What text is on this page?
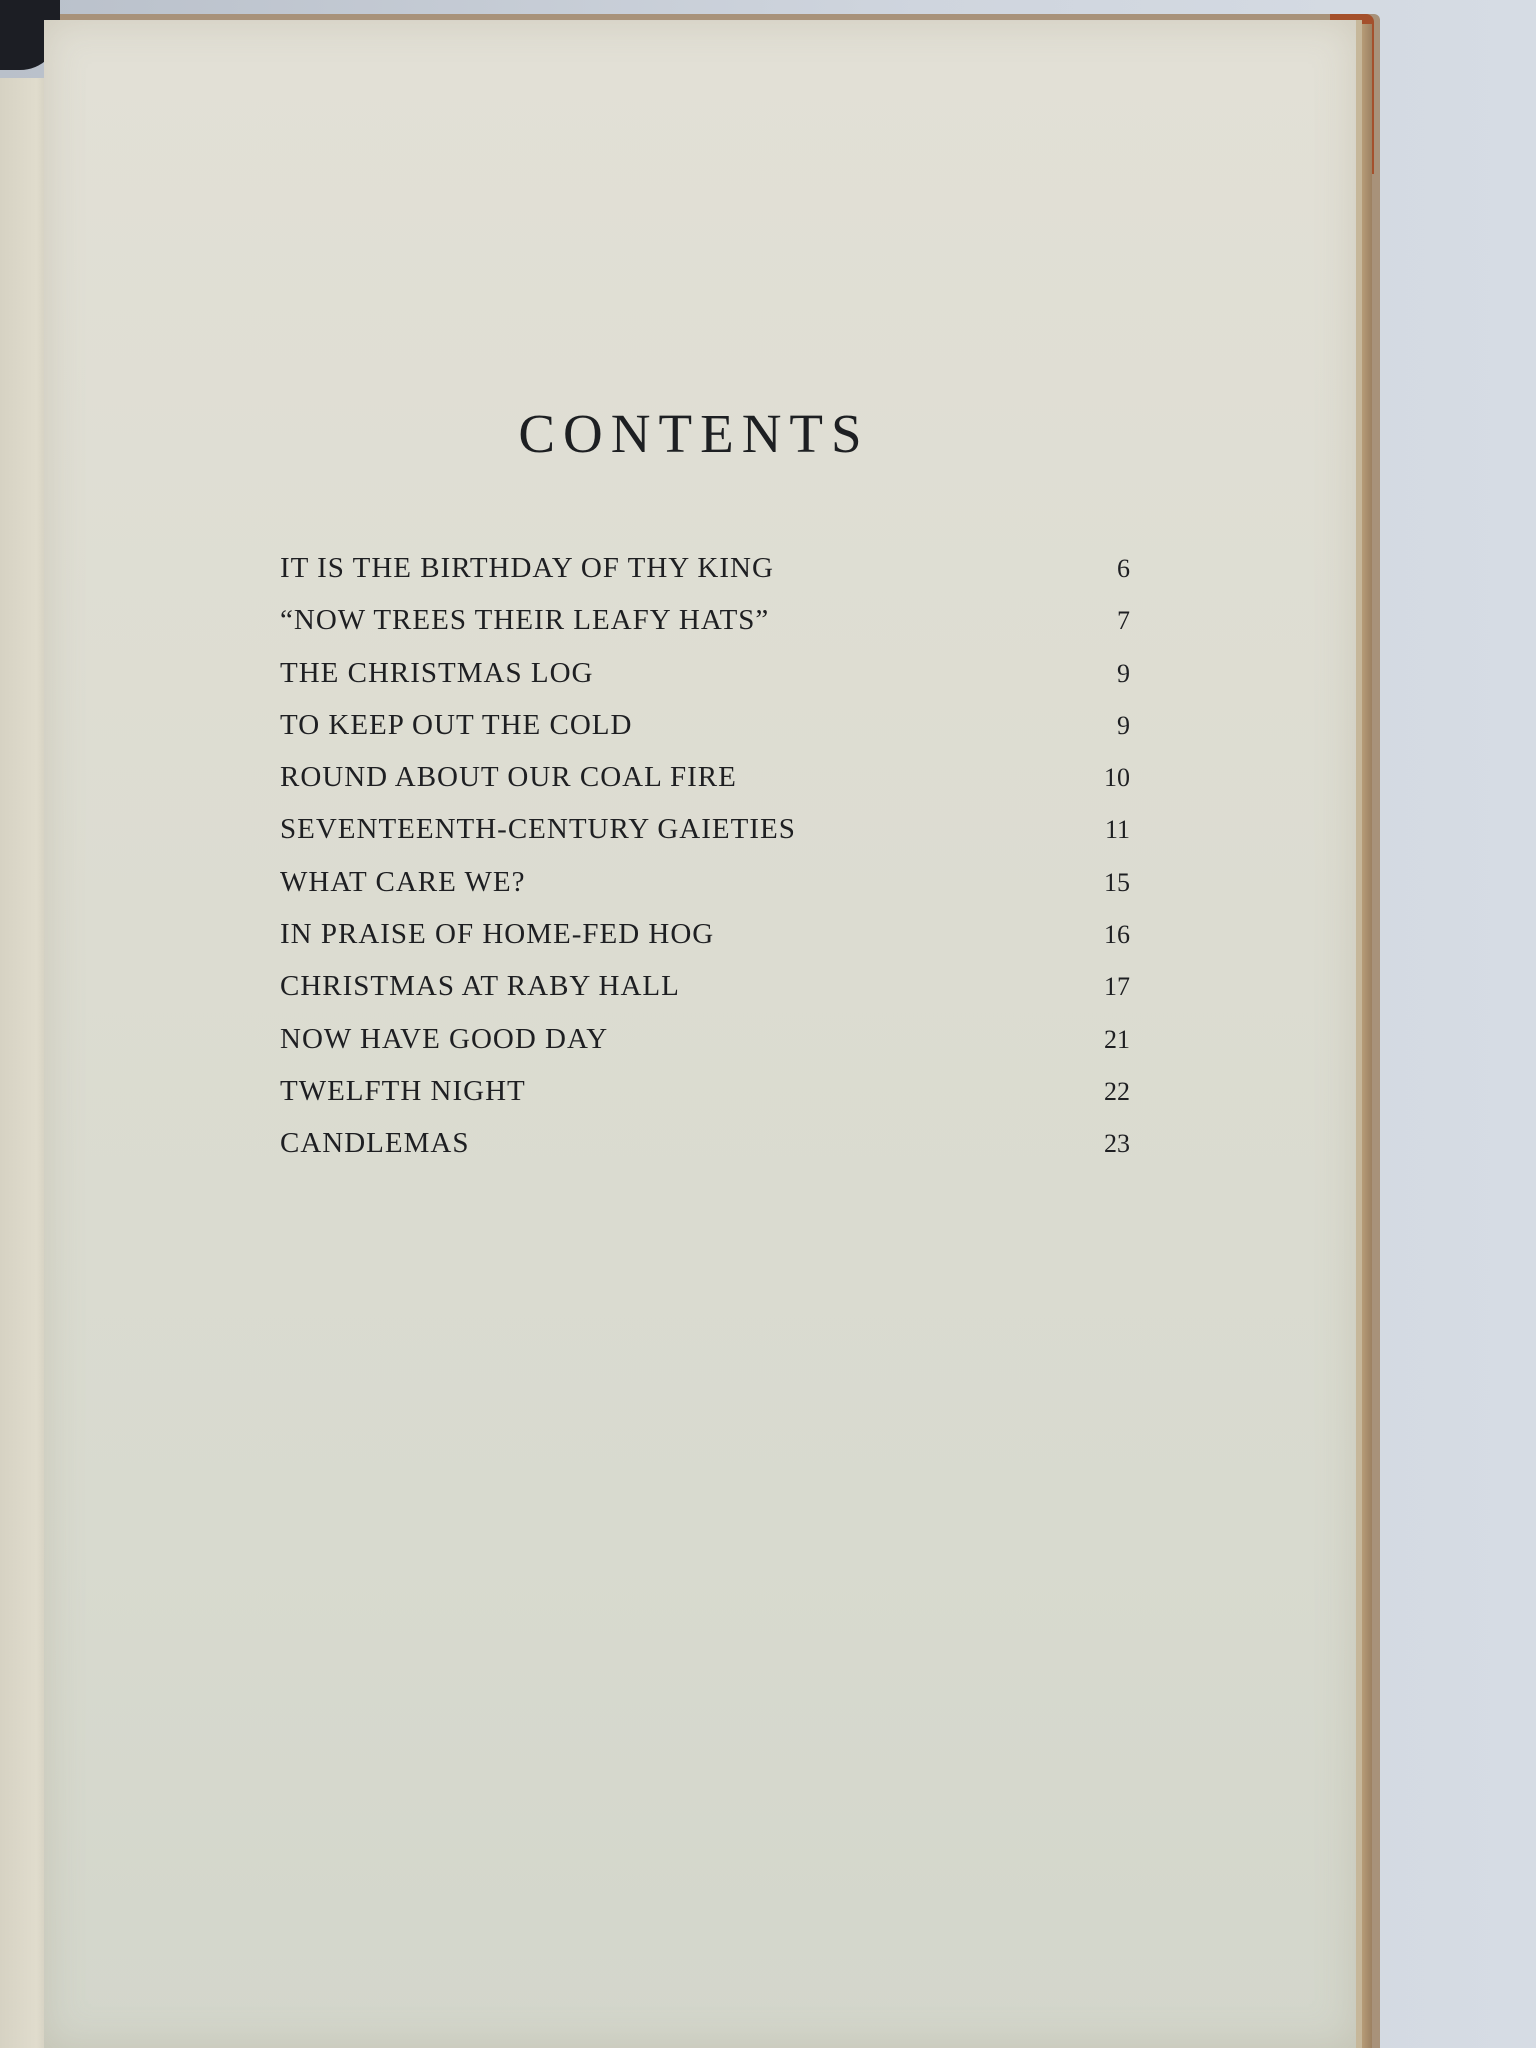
CONTENTS
IT IS THE BIRTHDAY OF THY KING	6
“NOW TREES THEIR LEAFY HATS”	7
THE CHRISTMAS LOG	9
TO KEEP OUT THE COLD	9
ROUND ABOUT OUR COAL FIRE	10
SEVENTEENTH-CENTURY GAIETIES	11
WHAT CARE WE?	15
IN PRAISE OF HOME-FED HOG	16
CHRISTMAS AT RABY HALL	17
NOW HAVE GOOD DAY	21
TWELFTH NIGHT	22
CANDLEMAS	23
